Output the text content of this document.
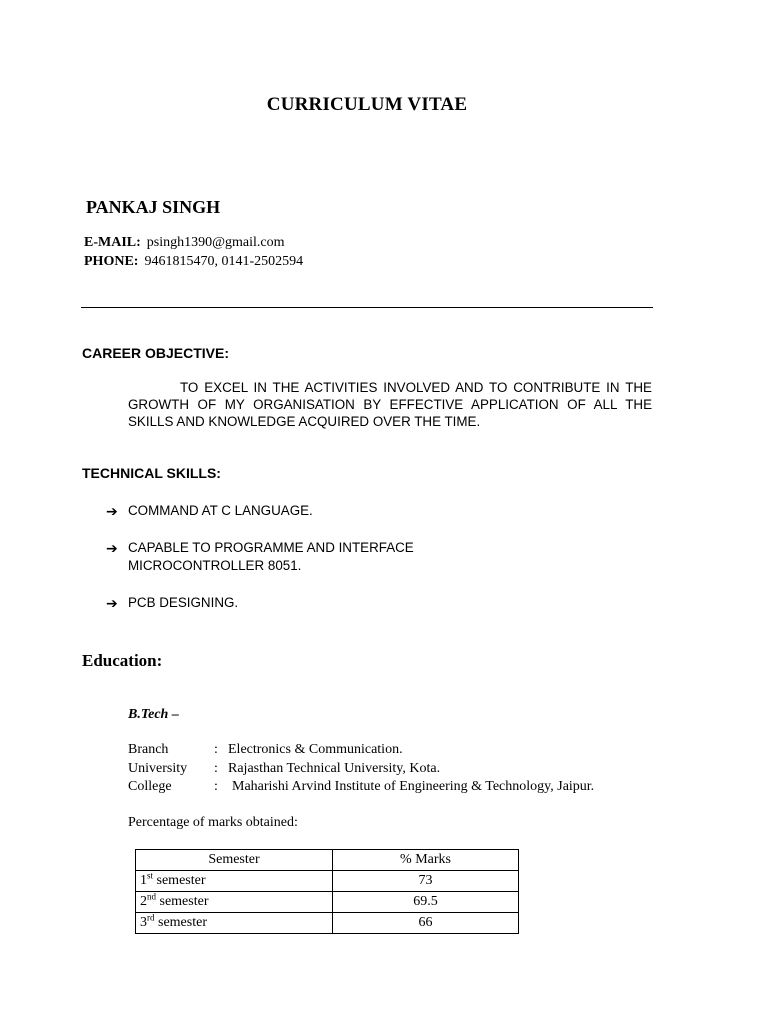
CURRICULUM VITAE
PANKAJ SINGH
E-MAIL: psingh1390@gmail.com
PHONE: 9461815470, 0141-2502594
CAREER OBJECTIVE:
TO EXCEL IN THE ACTIVITIES INVOLVED AND TO CONTRIBUTE IN THE GROWTH OF MY ORGANISATION BY EFFECTIVE APPLICATION OF ALL THE SKILLS AND KNOWLEDGE ACQUIRED OVER THE TIME.
TECHNICAL SKILLS:
➔ COMMAND AT C LANGUAGE.
➔ CAPABLE TO PROGRAMME AND INTERFACE MICROCONTROLLER 8051.
➔ PCB DESIGNING.
Education:
B.Tech –
Branch	: Electronics & Communication.
University : Rajasthan Technical University, Kota.
College	: Maharishi Arvind Institute of Engineering & Technology, Jaipur.
Percentage of marks obtained:
Semester	% Marks
1st semester	73
2nd semester	69.5
3rd semester	66
